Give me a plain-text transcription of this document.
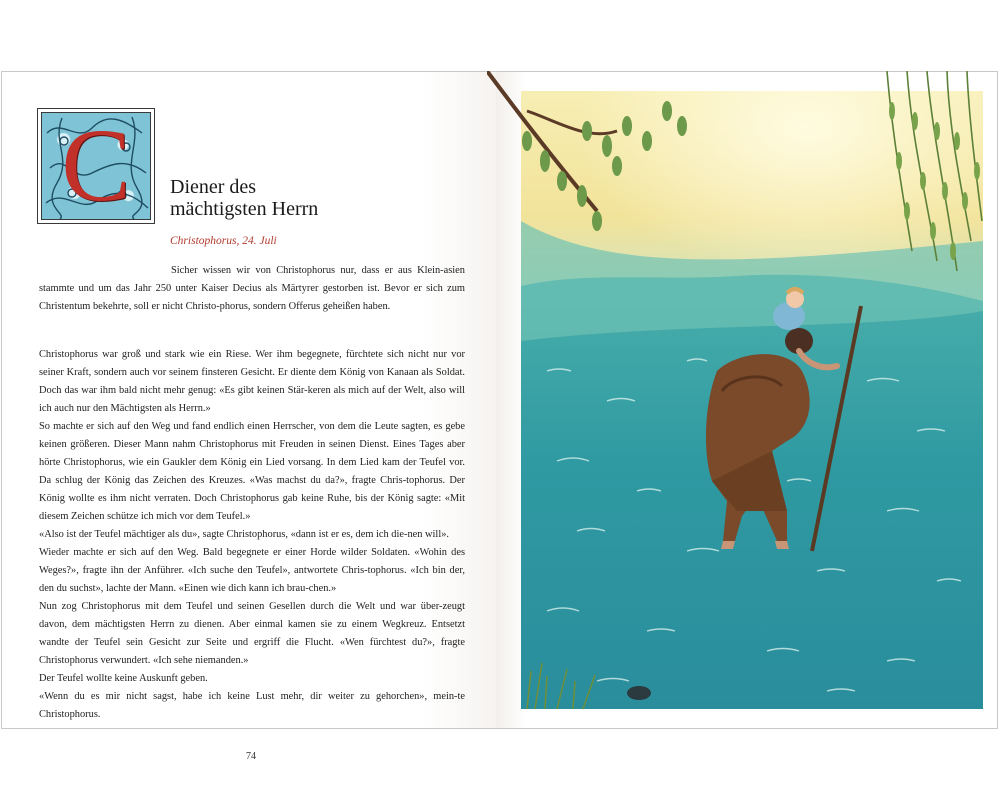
C	Diener des
mächtigsten Herrn
Christophorus, 24. Juli

Sicher wissen wir von Christophorus nur, dass er aus Klein-asien stammte und um das Jahr 250 unter Kaiser Decius als Märtyrer gestorben ist. Bevor er sich zum Christentum bekehrte, soll er nicht Christo-phorus, sondern Offerus geheißen haben.

Christophorus war groß und stark wie ein Riese. Wer ihm begegnete, fürchtete sich nicht nur vor seiner Kraft, sondern auch vor seinem finsteren Gesicht. Er diente dem König von Kanaan als Soldat. Doch das war ihm bald nicht mehr genug: «Es gibt keinen Stär-keren als mich auf der Welt, also will ich auch nur den Mächtigsten als Herrn.»

So machte er sich auf den Weg und fand endlich einen Herrscher, von dem die Leute sagten, es gebe keinen größeren. Dieser Mann nahm Christophorus mit Freuden in seinen Dienst. Eines Tages aber hörte Christophorus, wie ein Gaukler dem König ein Lied vorsang. In dem Lied kam der Teufel vor. Da schlug der König das Zeichen des Kreuzes. «Was machst du da?», fragte Chris-tophorus. Der König wollte es ihm nicht verraten. Doch Christophorus gab keine Ruhe, bis der König sagte: «Mit diesem Zeichen schütze ich mich vor dem Teufel.»

«Also ist der Teufel mächtiger als du», sagte Christophorus, «dann ist er es, dem ich die-nen will».

Wieder machte er sich auf den Weg. Bald begegnete er einer Horde wilder Soldaten. «Wohin des Weges?», fragte ihn der Anführer. «Ich suche den Teufel», antwortete Chris-tophorus. «Ich bin der, den du suchst», lachte der Mann. «Einen wie dich kann ich brau-chen.»

Nun zog Christophorus mit dem Teufel und seinen Gesellen durch die Welt und war über-zeugt davon, dem mächtigsten Herrn zu dienen. Aber einmal kamen sie zu einem Wegkreuz. Entsetzt wandte der Teufel sein Gesicht zur Seite und ergriff die Flucht. «Wen fürchtest du?», fragte Christophorus verwundert. «Ich sehe niemanden.»

Der Teufel wollte keine Auskunft geben.

«Wenn du es mir nicht sagst, habe ich keine Lust mehr, dir weiter zu gehorchen», mein-te Christophorus.

74
